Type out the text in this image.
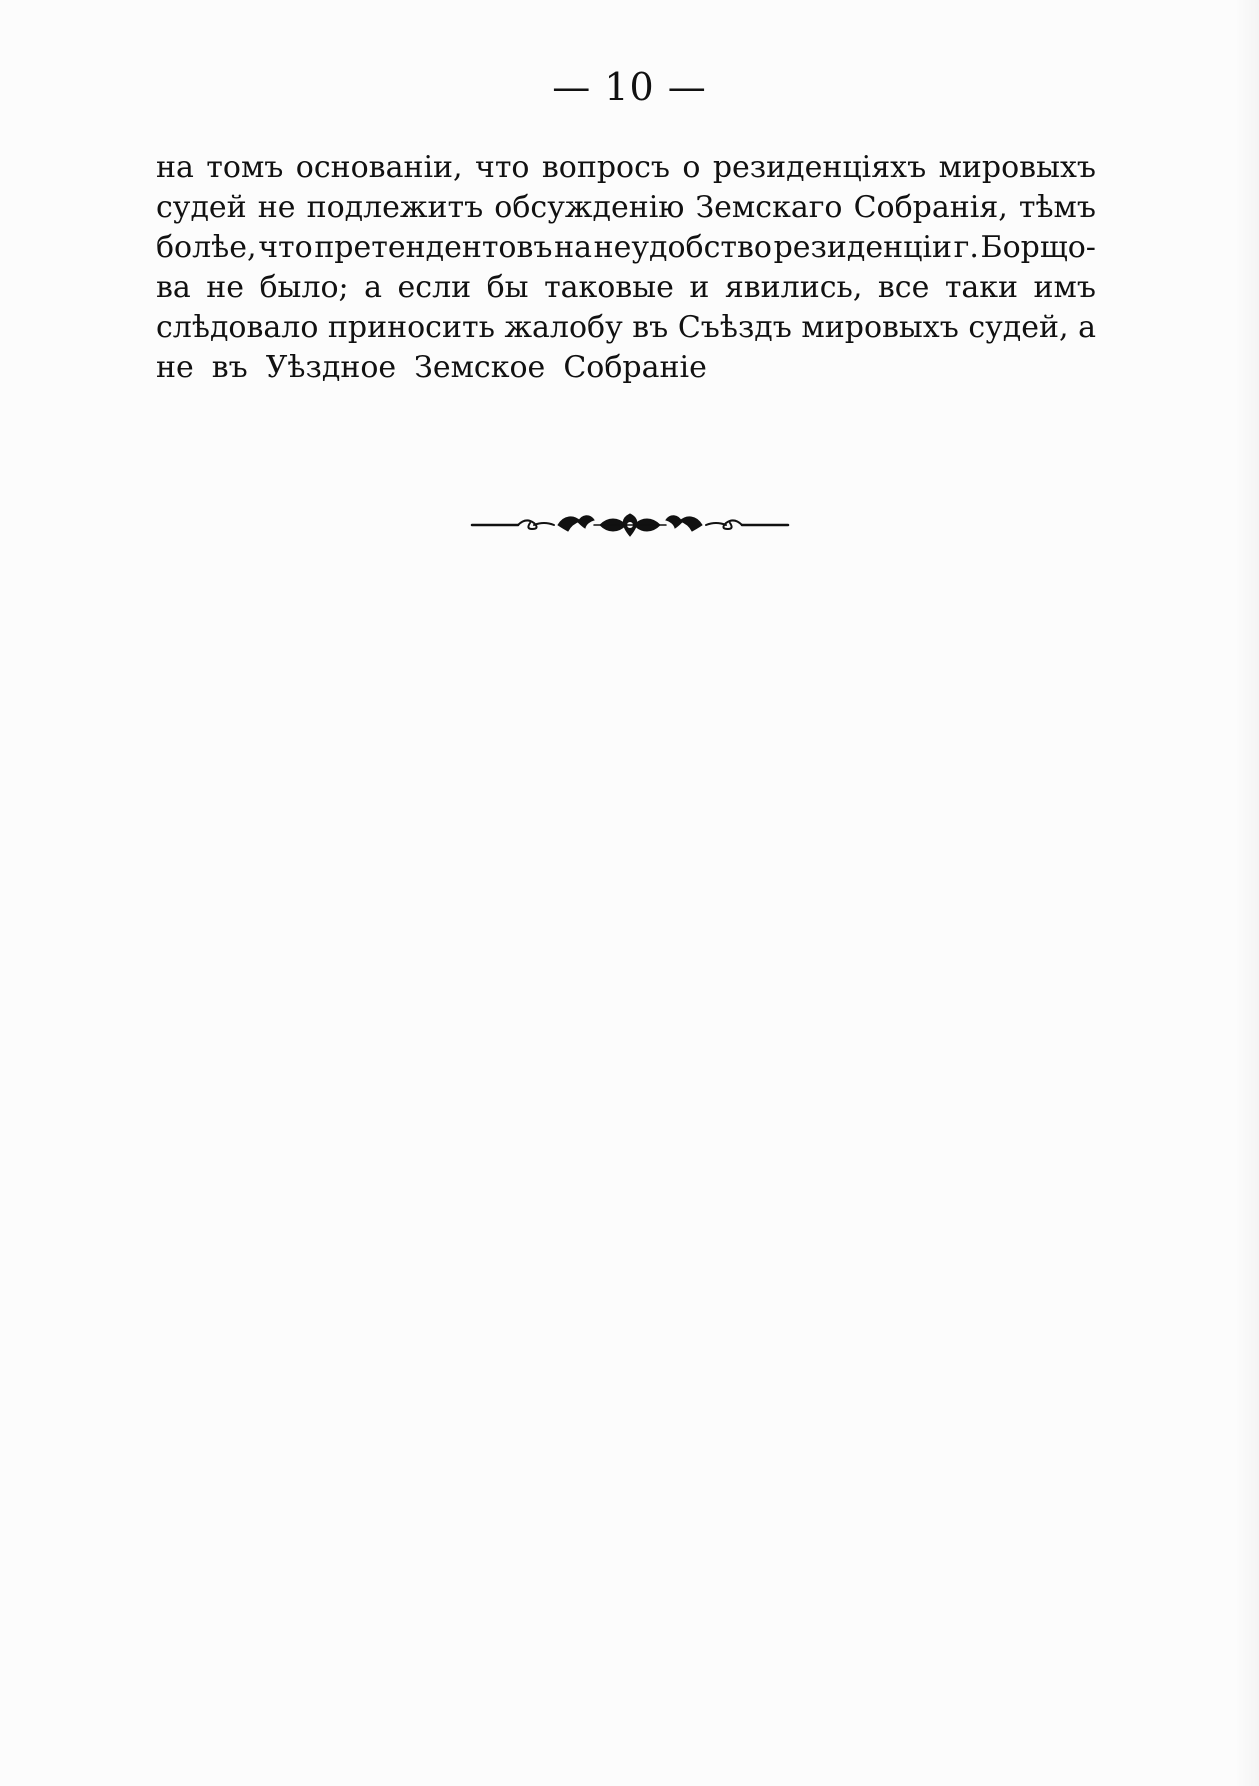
— 10 —
на томъ основанiи, что вопросъ о резиденцiяхъ мировыхъ
судей не подлежитъ обсужденiю Земскаго Собранiя, тѣмъ
болѣе, что претендентовъ на неудобство резиденцiи г. Борщо-
ва не было; а если бы таковые и явились, все таки имъ
слѣдовало приносить жалобу въ Съѣздъ мировыхъ судей, а
не въ Уѣздное Земское Собранiе
